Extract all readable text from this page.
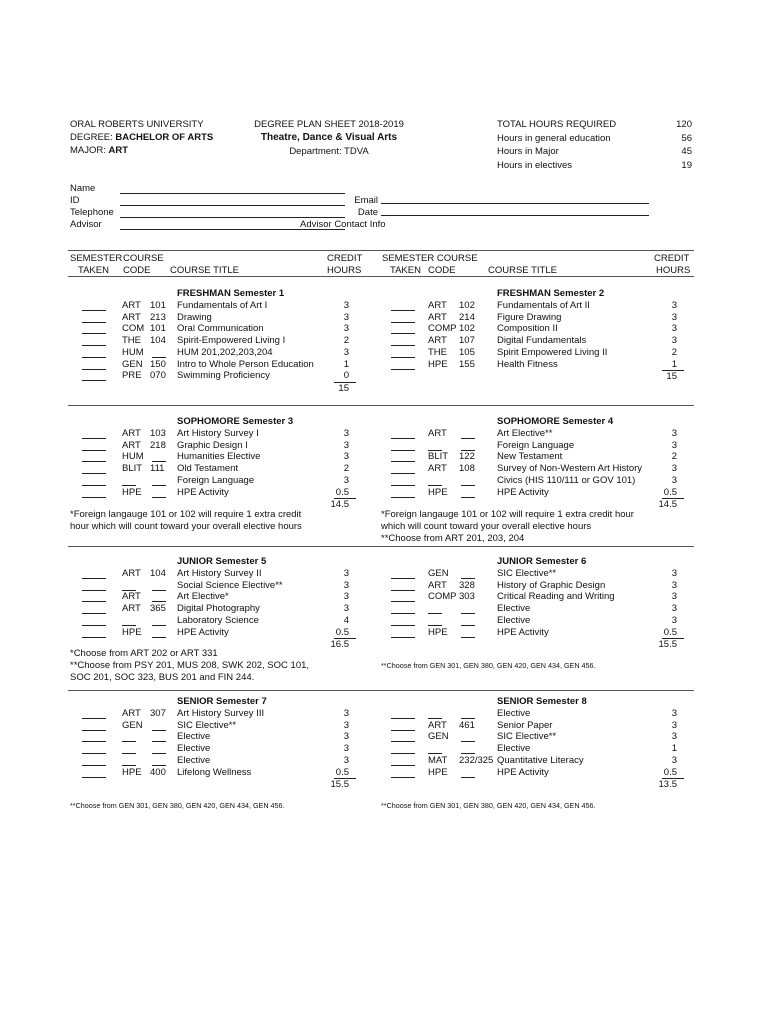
ORAL ROBERTS UNIVERSITY
DEGREE: BACHELOR OF ARTS
MAJOR: ART
DEGREE PLAN SHEET 2018-2019
Theatre, Dance & Visual Arts
Department: TDVA
TOTAL HOURS REQUIRED	120
Hours in general education	56
Hours in Major	45
Hours in electives	19
Name
ID
Telephone
Advisor
Email
Date
Advisor Contact Info
SEMESTER
TAKEN
COURSE
CODE COURSE TITLE
CREDIT
HOURS
SEMESTER COURSE
TAKEN CODE	COURSE TITLE
CREDIT
HOURS
FRESHMAN Semester 1
ART 101 Fundamentals of Art I	3
ART 213 Drawing	3
COM 101 Oral Communication	3
THE 104 Spirit-Empowered Living I	2
HUM	HUM 201,202,203,204	3
GEN 150 Intro to Whole Person Education	1
PRE 070 Swimming Proficiency	0
15
FRESHMAN Semester 2
ART 102 Fundamentals of Art II	3
ART 214 Figure Drawing	3
COMP 102 Composition II	3
ART 107 Digital Fundamentals	3
THE 105 Spirit Empowered Living II	2
HPE 155 Health Fitness	1
15
SOPHOMORE Semester 3
ART 103 Art History Survey I	3
ART 218 Graphic Design I	3
HUM	Humanities Elective	3
BLIT 111 Old Testament	2
Foreign Language	3
HPE	HPE Activity	0.5
14.5
SOPHOMORE Semester 4
ART	Art Elective**	3
Foreign Language	3
BLIT 122 New Testament	2
ART 108 Survey of Non-Western Art History	3
Civics (HIS 110/111 or GOV 101)	3
HPE	HPE Activity	0.5
14.5
JUNIOR Semester 5
ART 104 Art History Survey II	3
Social Science Elective**	3
ART	Art Elective*	3
ART 365 Digital Photography	3
Laboratory Science	4
HPE	HPE Activity	0.5
16.5
JUNIOR Semester 6
GEN	SIC Elective**	3
ART 328 History of Graphic Design	3
COMP 303 Critical Reading and Writing	3
Elective	3
Elective	3
HPE	HPE Activity	0.5
15.5
SENIOR Semester 7
ART 307 Art History Survey III	3
GEN	SIC Elective**	3
Elective	3
Elective	3
Elective	3
HPE 400 Lifelong Wellness	0.5
15.5
SENIOR Semester 8
Elective	3
ART 461 Senior Paper	3
GEN	SIC Elective**	3
Elective	1
MAT 232/325 Quantitative Literacy	3
HPE	HPE Activity	0.5
13.5
*Foreign langauge 101 or 102 will require 1 extra credit
hour which will count toward your overall elective hours
*Foreign langauge 101 or 102 will require 1 extra credit hour
which will count toward your overall elective hours
**Choose from ART 201, 203, 204
*Choose from ART 202 or ART 331
**Choose from PSY 201, MUS 208, SWK 202, SOC 101,
SOC 201, SOC 323, BUS 201 and FIN 244.
**Choose from GEN 301, GEN 380, GEN 420, GEN 434, GEN 456.
**Choose from GEN 301, GEN 380, GEN 420, GEN 434, GEN 456.	**Choose from GEN 301, GEN 380, GEN 420, GEN 434, GEN 456.
